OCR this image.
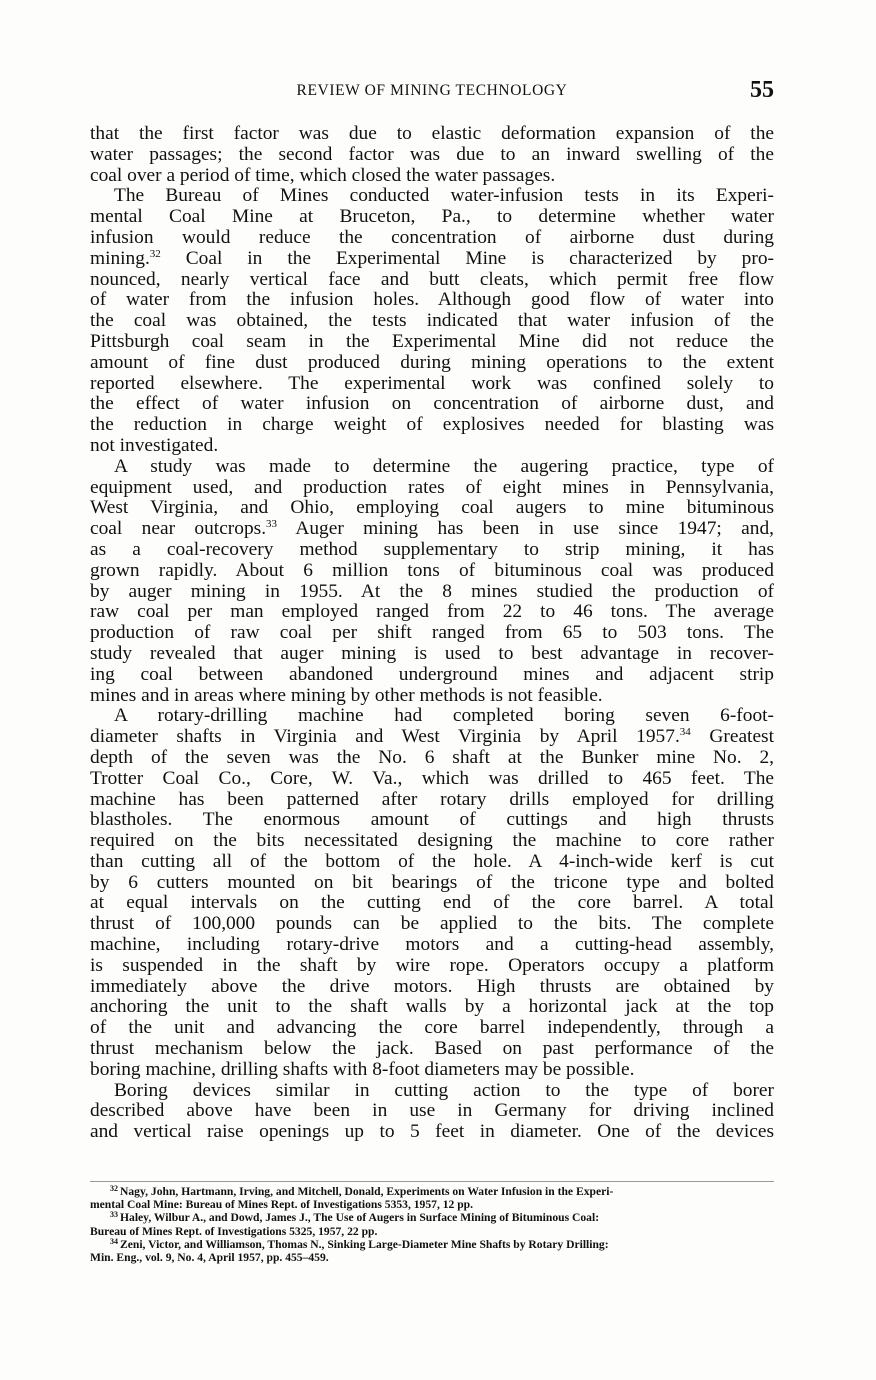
REVIEW OF MINING TECHNOLOGY	55
that the first factor was due to elastic deformation expansion of the
water passages; the second factor was due to an inward swelling of the
coal over a period of time, which closed the water passages.
The Bureau of Mines conducted water-infusion tests in its Experi-
mental Coal Mine at Bruceton, Pa., to determine whether water
infusion would reduce the concentration of airborne dust during
mining.$^{32}$ Coal in the Experimental Mine is characterized by pro-
nounced, nearly vertical face and butt cleats, which permit free flow
of water from the infusion holes. Although good flow of water into
the coal was obtained, the tests indicated that water infusion of the
Pittsburgh coal seam in the Experimental Mine did not reduce the
amount of fine dust produced during mining operations to the extent
reported elsewhere. The experimental work was confined solely to
the effect of water infusion on concentration of airborne dust, and
the reduction in charge weight of explosives needed for blasting was
not investigated.
A study was made to determine the augering practice, type of
equipment used, and production rates of eight mines in Pennsylvania,
West Virginia, and Ohio, employing coal augers to mine bituminous
coal near outcrops.$^{33}$ Auger mining has been in use since 1947; and,
as a coal-recovery method supplementary to strip mining, it has
grown rapidly. About 6 million tons of bituminous coal was produced
by auger mining in 1955. At the 8 mines studied the production of
raw coal per man employed ranged from 22 to 46 tons. The average
production of raw coal per shift ranged from 65 to 503 tons. The
study revealed that auger mining is used to best advantage in recover-
ing coal between abandoned underground mines and adjacent strip
mines and in areas where mining by other methods is not feasible.
A rotary-drilling machine had completed boring seven 6-foot-
diameter shafts in Virginia and West Virginia by April 1957.34 Greatest
depth of the seven was the No. 6 shaft at the Bunker mine No. 2,
Trotter Coal Co., Core, W. Va., which was drilled to 465 feet. The
machine has been patterned after rotary drills employed for drilling
blastholes. The enormous amount of cuttings and high thrusts
required on the bits necessitated designing the machine to core rather
than cutting all of the bottom of the hole. A 4-inch-wide kerf is cut
by 6 cutters mounted on bit bearings of the tricone type and bolted
at equal intervals on the cutting end of the core barrel. A total
thrust of 100,000 pounds can be applied to the bits. The complete
machine, including rotary-drive motors and a cutting-head assembly,
is suspended in the shaft by wire rope. Operators occupy a platform
immediately above the drive motors. High thrusts are obtained by
anchoring the unit to the shaft walls by a horizontal jack at the top
of the unit and advancing the core barrel independently, through a
thrust mechanism below the jack. Based on past performance of the
boring machine, drilling shafts with 8-foot diameters may be possible.
Boring devices similar in cutting action to the type of borer
described above have been in use in Germany for driving inclined
and vertical raise openings up to 5 feet in diameter. One of the devices
$^{32}$ Nagy, John, Hartmann, Irving, and Mitchell, Donald, Experiments on Water Infusion in the Experi-
mental Coal Mine: Bureau of Mines Rept. of Investigations 5353, 1957, 12 pp.
$^{33}$ Haley, Wilbur A., and Dowd, James J., The Use of Augers in Surface Mining of Bituminous Coal:
Bureau of Mines Rept. of Investigations 5325, 1957, 22 pp.
$^{34}$ Zeni, Victor, and Williamson, Thomas N., Sinking Large-Diameter Mine Shafts by Rotary Drilling:
Min. Eng., vol. 9, No. 4, April 1957, pp. 455–459.
